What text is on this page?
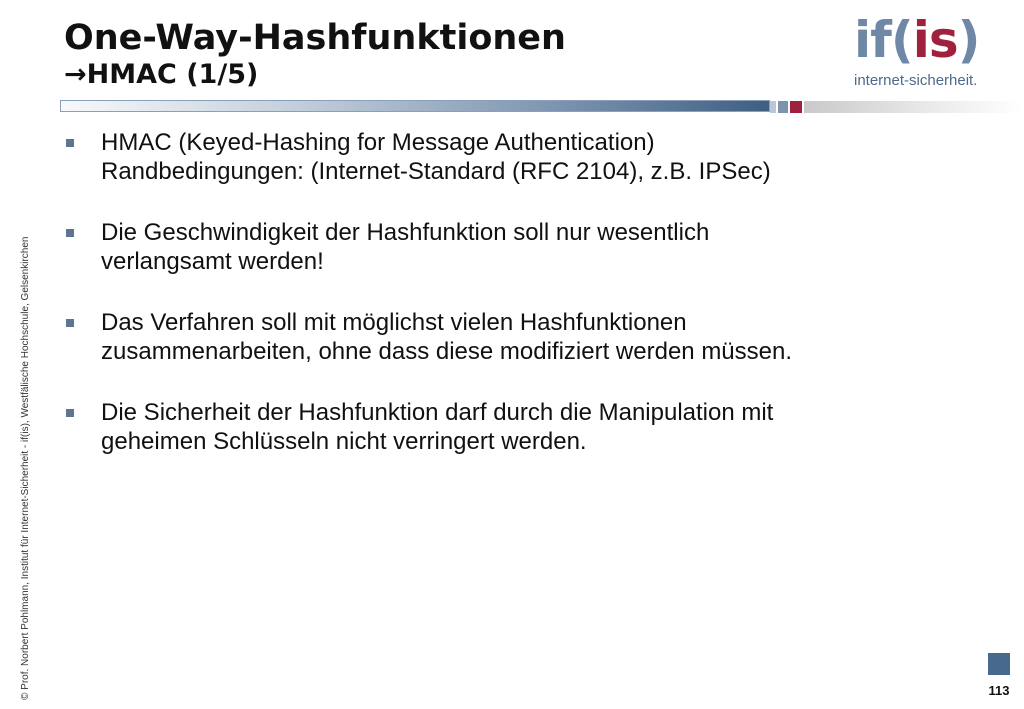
One-Way-Hashfunktionen
→HMAC (1/5)
if(is)
internet-sicherheit.
© Prof. Norbert Pohlmann, Institut für Internet-Sicherheit - if(is), Westfälische Hochschule, Gelsenkirchen
HMAC (Keyed-Hashing for Message Authentication)
Randbedingungen: (Internet-Standard (RFC 2104), z.B. IPSec)
Die Geschwindigkeit der Hashfunktion soll nur wesentlich
verlangsamt werden!
Das Verfahren soll mit möglichst vielen Hashfunktionen
zusammenarbeiten, ohne dass diese modifiziert werden müssen.
Die Sicherheit der Hashfunktion darf durch die Manipulation mit
geheimen Schlüsseln nicht verringert werden.
113
